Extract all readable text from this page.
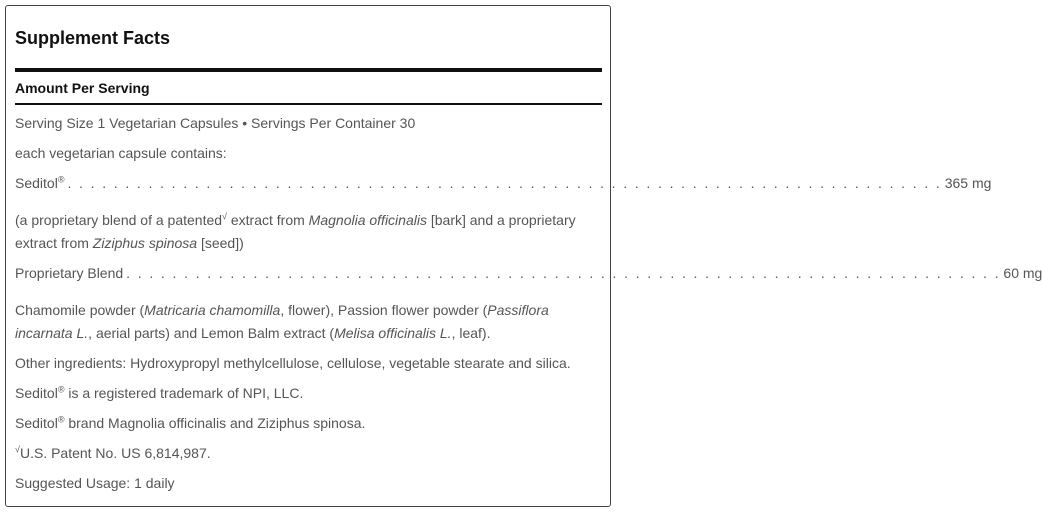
Supplement Facts
Amount Per Serving
Serving Size 1 Vegetarian Capsules • Servings Per Container 30
each vegetarian capsule contains:
Seditol® . . . . . . . . . . . . . . . . . . . . . . . . . . . . . . . . . . . . . . . . . . . . . . . . . . . . . . . . . . . . . . . . . . . . . . . . . . . . 365 mg
(a proprietary blend of a patented√ extract from Magnolia officinalis [bark] and a proprietary extract from Ziziphus spinosa [seed])
Proprietary Blend . . . . . . . . . . . . . . . . . . . . . . . . . . . . . . . . . . . . . . . . . . . . . . . . . . . . . . . . . . . . . . . . . . . . . . . . . . . . 60 mg
Chamomile powder (Matricaria chamomilla, flower), Passion flower powder (Passiflora incarnata L., aerial parts) and Lemon Balm extract (Melisa officinalis L., leaf).
Other ingredients: Hydroxypropyl methylcellulose, cellulose, vegetable stearate and silica.
Seditol® is a registered trademark of NPI, LLC.
Seditol® brand Magnolia officinalis and Ziziphus spinosa.
√U.S. Patent No. US 6,814,987.
Suggested Usage: 1 daily
